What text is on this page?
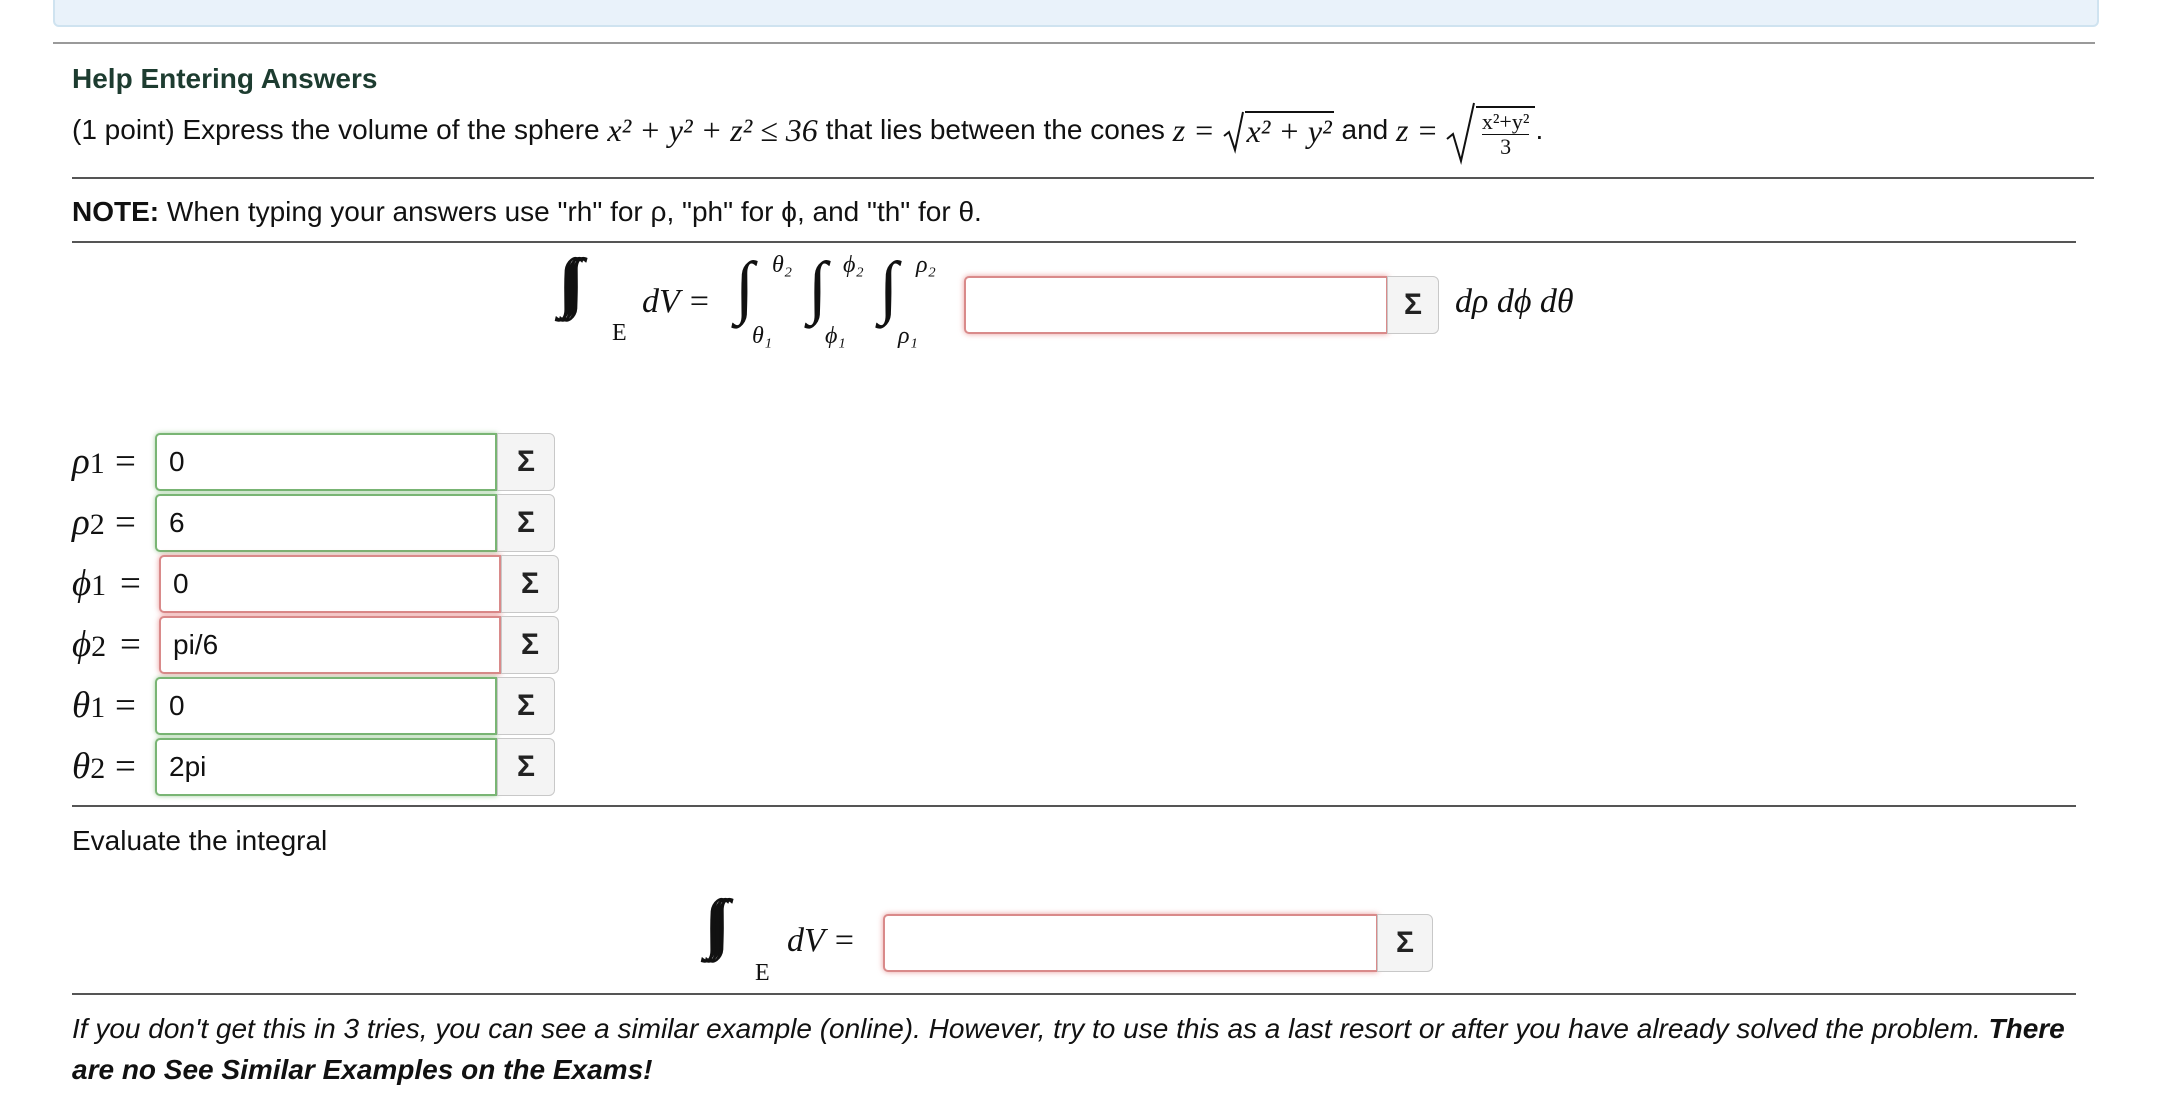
Help Entering Answers
(1 point) Express the volume of the sphere
x² + y² + z² ≤ 36
that lies between the cones
z =
x² + y²
and
z =
$\frac{\text{x²+y²}}{3}$ .
NOTE: When typing your answers use "rh" for ρ, "ph" for ϕ, and "th" for θ.
E
dV = ∫ θ₂
θ₁
∫ ϕ₂
ϕ₁
∫ ρ₂
ρ₁
Σ dρ dϕ dθ
ρ1 =
0	Σ
ρ2 =
6	Σ
ϕ1 =
0	Σ
ϕ2 =
pi/6	Σ
θ1 =
0	Σ
θ2 =
2pi	Σ
Evaluate the integral
E
dV =	Σ
If you don't get this in 3 tries, you can see a similar example (online). However, try to use this as a last resort or after you have already solved the problem. There
are no See Similar Examples on the Exams!
